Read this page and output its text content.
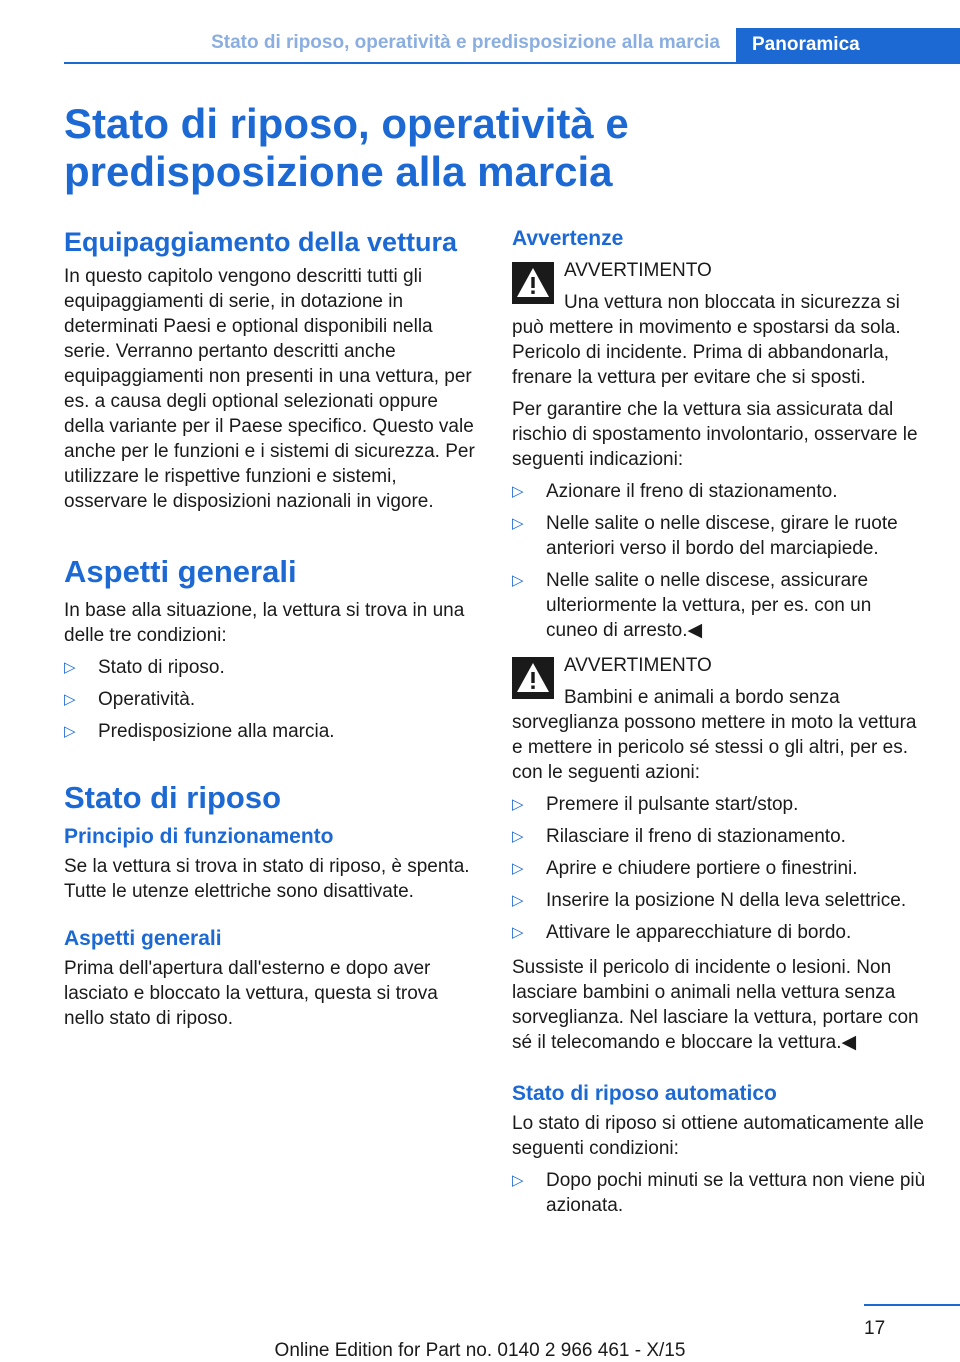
Stato di riposo, operatività e predisposizione alla marcia	Panoramica
Stato di riposo, operatività e predisposizione alla marcia
Equipaggiamento della vettura

In questo capitolo vengono descritti tutti gli equipaggiamenti di serie, in dotazione in determinati Paesi e optional disponibili nella serie. Verranno pertanto descritti anche equipaggiamenti non presenti in una vettura, per es. a causa degli optional selezionati oppure della variante per il Paese specifico. Questo vale anche per le funzioni e i sistemi di sicurezza. Per utilizzare le rispettive funzioni e sistemi, osservare le disposizioni nazionali in vigore.

Aspetti generali

In base alla situazione, la vettura si trova in una delle tre condizioni:

▷ Stato di riposo.
▷ Operatività.
▷ Predisposizione alla marcia.
Stato di riposo
Principio di funzionamento

Se la vettura si trova in stato di riposo, è spenta. Tutte le utenze elettriche sono disattivate.

Aspetti generali

Prima dell'apertura dall'esterno e dopo aver lasciato e bloccato la vettura, questa si trova nello stato di riposo.

Avvertenze

AVVERTIMENTO

Una vettura non bloccata in sicurezza si può mettere in movimento e spostarsi da sola. Pericolo di incidente. Prima di abbandonarla, frenare la vettura per evitare che si sposti.

Per garantire che la vettura sia assicurata dal rischio di spostamento involontario, osservare le seguenti indicazioni:

▷ Azionare il freno di stazionamento.
▷ Nelle salite o nelle discese, girare le ruote anteriori verso il bordo del marciapiede.
▷ Nelle salite o nelle discese, assicurare ulteriormente la vettura, per es. con un cuneo di arresto.◀

AVVERTIMENTO

Bambini e animali a bordo senza sorveglianza possono mettere in moto la vettura e mettere in pericolo sé stessi o gli altri, per es. con le seguenti azioni:

▷ Premere il pulsante start/stop.
▷ Rilasciare il freno di stazionamento.
▷ Aprire e chiudere portiere o finestrini.
▷ Inserire la posizione N della leva selettrice.
▷ Attivare le apparecchiature di bordo.

Sussiste il pericolo di incidente o lesioni. Non lasciare bambini o animali nella vettura senza sorveglianza. Nel lasciare la vettura, portare con sé il telecomando e bloccare la vettura.◀

Stato di riposo automatico

Lo stato di riposo si ottiene automaticamente alle seguenti condizioni:

▷ Dopo pochi minuti se la vettura non viene più azionata.
17
Online Edition for Part no. 0140 2 966 461 - X/15
